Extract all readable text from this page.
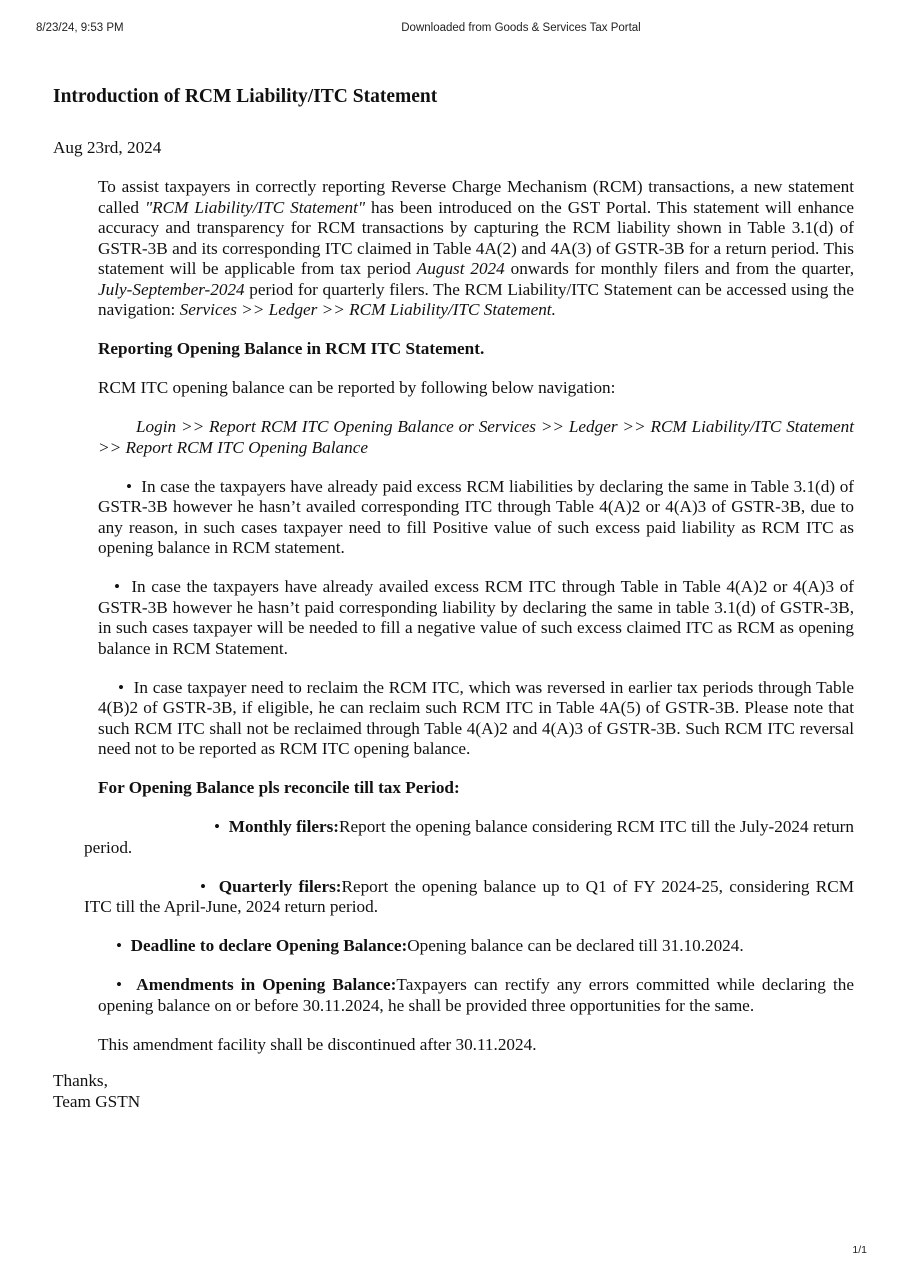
8/23/24, 9:53 PM	Downloaded from Goods & Services Tax Portal
Introduction of RCM Liability/ITC Statement

Aug 23rd, 2024

To assist taxpayers in correctly reporting Reverse Charge Mechanism (RCM) transactions, a new statement called "RCM Liability/ITC Statement" has been introduced on the GST Portal. This statement will enhance accuracy and transparency for RCM transactions by capturing the RCM liability shown in Table 3.1(d) of GSTR-3B and its corresponding ITC claimed in Table 4A(2) and 4A(3) of GSTR-3B for a return period. This statement will be applicable from tax period August 2024 onwards for monthly filers and from the quarter, July-September-2024 period for quarterly filers. The RCM Liability/ITC Statement can be accessed using the navigation: Services >> Ledger >> RCM Liability/ITC Statement.

Reporting Opening Balance in RCM ITC Statement.

RCM ITC opening balance can be reported by following below navigation:

Login >> Report RCM ITC Opening Balance or Services >> Ledger >> RCM Liability/ITC Statement >> Report RCM ITC Opening Balance

• In case the taxpayers have already paid excess RCM liabilities by declaring the same in Table 3.1(d) of GSTR-3B however he hasn’t availed corresponding ITC through Table 4(A)2 or 4(A)3 of GSTR-3B, due to any reason, in such cases taxpayer need to fill Positive value of such excess paid liability as RCM ITC as opening balance in RCM statement.

• In case the taxpayers have already availed excess RCM ITC through Table in Table 4(A)2 or 4(A)3 of GSTR-3B however he hasn’t paid corresponding liability by declaring the same in table 3.1(d) of GSTR-3B, in such cases taxpayer will be needed to fill a negative value of such excess claimed ITC as RCM as opening balance in RCM Statement.

• In case taxpayer need to reclaim the RCM ITC, which was reversed in earlier tax periods through Table 4(B)2 of GSTR-3B, if eligible, he can reclaim such RCM ITC in Table 4A(5) of GSTR-3B. Please note that such RCM ITC shall not be reclaimed through Table 4(A)2 and 4(A)3 of GSTR-3B. Such RCM ITC reversal need not to be reported as RCM ITC opening balance.

For Opening Balance pls reconcile till tax Period:

• Monthly filers:Report the opening balance considering RCM ITC till the July-2024 return period.

• Quarterly filers:Report the opening balance up to Q1 of FY 2024-25, considering RCM ITC till the April-June, 2024 return period.

• Deadline to declare Opening Balance:Opening balance can be declared till 31.10.2024.

• Amendments in Opening Balance:Taxpayers can rectify any errors committed while declaring the opening balance on or before 30.11.2024, he shall be provided three opportunities for the same.

This amendment facility shall be discontinued after 30.11.2024.

Thanks,
Team GSTN

1/1
